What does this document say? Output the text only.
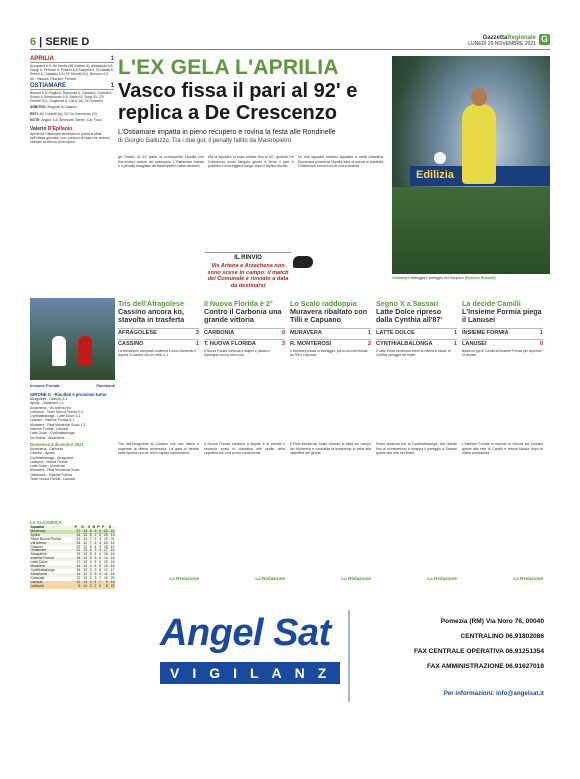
6 | SERIE D	GazzettaRegionale
LUNEDÌ 29 NOVEMBRE 2021 G
APRILIA	1

Azzopardi 6.5; De Santis (58' Adamo 6); Alessandri 6.5, Giorgi 6, Petrucci 6, Pollace 6.5 Scarpelli 6, Di Natale 6, Sereni 6, Castaldo 6.5 (75' Moretti SV), Bonomo 6.5. All.: Falasca. Pilazzoli, Ferrara

OSTIAMARE	1

Bianchi 6.5; Paglia 6, Raimondi 6, Casata 6, Guarda 6, Scivoli 6, Bombonato 6.5, Sbezzi 6, Sorgi SV (75' Ferretti SV), Gugliuzza 6, Cal 6. All.: Di Giovanni

ARBITRO: Brugnoli di Cassino

RETI: 64' Corsetti (A), 92' De Crescenzo (O)

NOTE: Angoli: 3-6. Ammoniti: Sereni, Cal, Fano.

Valerio D'Epifanio

Aprilia ed Ostiamare terminano in parità la sfida dell'ottava giornata, con i padroni di casa che vedono sfumare la vittoria al recupero.

L'EX GELA L'APRILIA
Vasco fissa il pari al 92' e replica a De Crescenzo
L'Ostiamare impatta in pieno recupero e rovina la festa alle Rondinelle
di Giorgio Galluzzo. Tra i due gol, il penalty fallito da Mastropietro
Edilizia
Ostiamare festeggia il pareggio nel recupero (Roberto Rosselli)
ge Tosato. Al 91' parte la contropiede l'Aprilia con Sorrentino, autore del raddoppio. L'Ostiamare insiste e il penalty sbagliato da Mastropietro resta decisivo.
Ma la squadra di casa resiste fino al 92', quando De Crescenzo trova l'angolo giusto e firma il pari. Il pubblico rumoreggia a lungo dopo il triplice fischio.
Le due squadre restano appaiate a metà classifica. Domenica prossima l'Aprilia sarà di scena in trasferta, l'Ostiamare tornerà tra le mura amiche.
IL RINVIO
Vis Artena e Arzachena non sono scese in campo: il match del Comunale è rinviato a data da destinarsi
Insieme Formia	Facebook
GIRONE G - Risultati e prossimo turno
Afragolese - Cassino 3-1
Aprilia - Ostiamare 1-1
Arzachena - Vis Artena rinv.
Carbonia - Team Nuova Florida 0-3
Cynthialbalonga - Latte Dolce 1-1
Lanusei - Insieme Formia 0-1
Muravera - Real Monterosi Scalo 1-2
Insieme Formia - Lanusei
Latte Dolce - Cynthialbalonga
Vis Artena - Arzachena
Domenica 5 dicembre 2021
Arzachena - Carbonia
Cassino - Aprilia
Cynthialbalonga - Afragolese
Ladispoli - Nuova Florida
Latte Dolce - Monterosi
Muravera - Real Monterosi Scalo
Ostiamare - Insieme Formia
Team Nuova Florida - Lanusei
LA CLASSIFICA
Squadra	P	G	V	N	P	F	S
Monterosi	27	13	8	3	2	22	10
Aprilia	26	13	8	2	3	25	13
Team Nuova Florida	24	13	7	3	3	19	11
Vis Artena	23	12	7	2	3	20	12
Cassino	22	13	6	4	3	18	12
Ostiamare	21	13	6	3	4	17	14
Afragolese	19	13	5	4	4	16	15
Insieme Formia	18	13	5	3	5	14	16
Latte Dolce	17	13	4	5	4	15	15
Muravera	16	13	4	4	5	13	16
Cynthialbalonga	15	13	4	3	6	12	17
Arzachena	14	12	3	5	4	11	14
Carbonia	12	13	3	3	7	10	20
Lanusei	10	13	2	4	7	9	19
Ladispoli	8	13	2	2	9	8	22
Tris dell'Afragolese
Cassino ancora ko, stavolta in trasferta
AFRAGOLESE	3
CASSINO	1
La formazione campana conferma il buon momento e supera il Cassino con un netto 3-1.
Tris dell'Afragolese al Cassino che non riesce a superare la difesa avversaria. La gara si decide nella ripresa con tre reti in rapida successione.
La Redazione
Il Nuova Florida è 2°
Contro il Carbonia una grande vittoria
CARBONIA	0
T. NUOVA FLORIDA	3
Il Nuova Florida continua a stupire e passa in Sardegna con un secco tris.
Il Nuova Florida continua a stupire e si prende il secondo posto in classifica alle spalle della capolista con una prova convincente.
La Redazione
Lo Scalo raddoppia
Muravera ribaltato con Tilli e Capuano
MURAVERA	1
R. MONTEROSI	2
Il Muravera passa in vantaggio, poi la rimonta firmata da Tilli e Capuano.
Il Real Monterosi Scalo rimonta la sfida sul campo del Muravera e consolida la leadership in vetta alla classifica del girone.
La Redazione
Segno X a Sassari
Latte Dolce ripreso dalla Cynthia all'87'
LATTE DOLCE	1
CYNTHIALBALONGA	1
Il Latte Dolce sembrava avere la vittoria in tasca, la Cynthia pareggia nel finale.
Punto prezioso per la Cynthialbalonga, che resiste fino al novantesimo e strappa il pareggio a Sassari grazie alla rete nel finale.
La Redazione
La decide Camilli
L'Insieme Formia piega il Lanusei
INSIEME FORMIA	1
LANUSEI	0
Basta un gol di Camilli all'Insieme Formia per superare il Lanusei.
L'Insieme Formia si impone di misura sul Lanusei grazie alla rete di Camilli e ritrova fiducia dopo le ultime prestazioni.
La Redazione
Angel Sat
VIGILANZA
Pomezia (RM) Via Noro 76, 00040
CENTRALINO 06.91802086
FAX CENTRALE OPERATIVA 06.91251354
FAX AMMINISTRAZIONE 06.91627018
Per informazioni: info@angelsat.it
